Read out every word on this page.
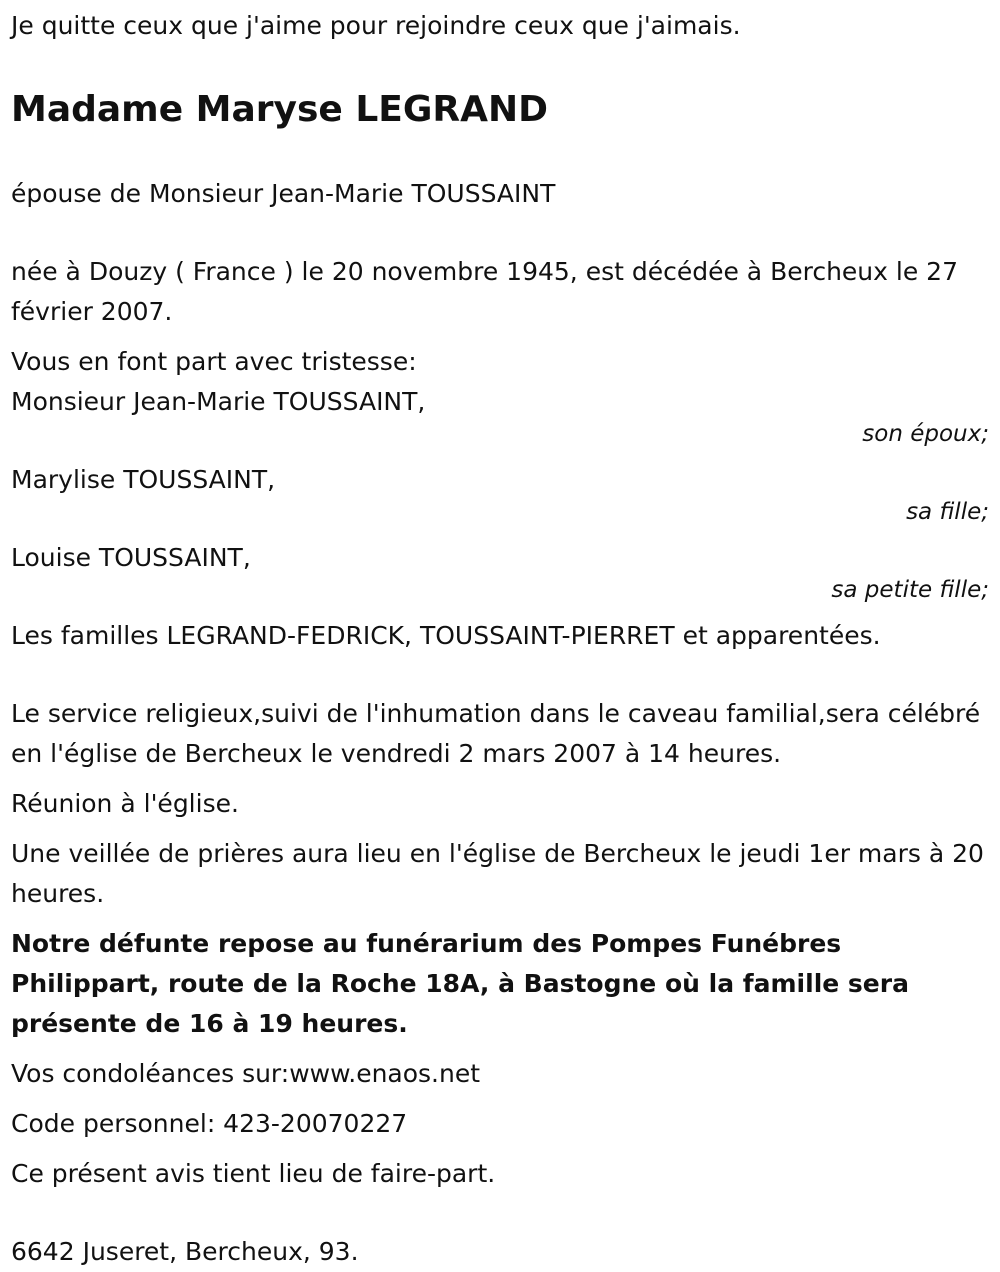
Je quitte ceux que j'aime pour rejoindre ceux que j'aimais.

Madame Maryse LEGRAND

épouse de Monsieur Jean-Marie TOUSSAINT

née à Douzy ( France ) le 20 novembre 1945, est décédée à Bercheux le 27 février 2007.

Vous en font part avec tristesse:

Monsieur Jean-Marie TOUSSAINT,

son époux;

Marylise TOUSSAINT,

sa fille;

Louise TOUSSAINT,

sa petite fille;

Les familles LEGRAND-FEDRICK, TOUSSAINT-PIERRET et apparentées.

Le service religieux,suivi de l'inhumation dans le caveau familial,sera célébré en l'église de Bercheux le vendredi 2 mars 2007 à 14 heures.

Réunion à l'église.

Une veillée de prières aura lieu en l'église de Bercheux le jeudi 1er mars à 20 heures.

Notre défunte repose au funérarium des Pompes Funébres Philippart, route de la Roche 18A, à Bastogne où la famille sera présente de 16 à 19 heures.

Vos condoléances sur:www.enaos.net

Code personnel: 423-20070227

Ce présent avis tient lieu de faire-part.

6642 Juseret, Bercheux, 93.
